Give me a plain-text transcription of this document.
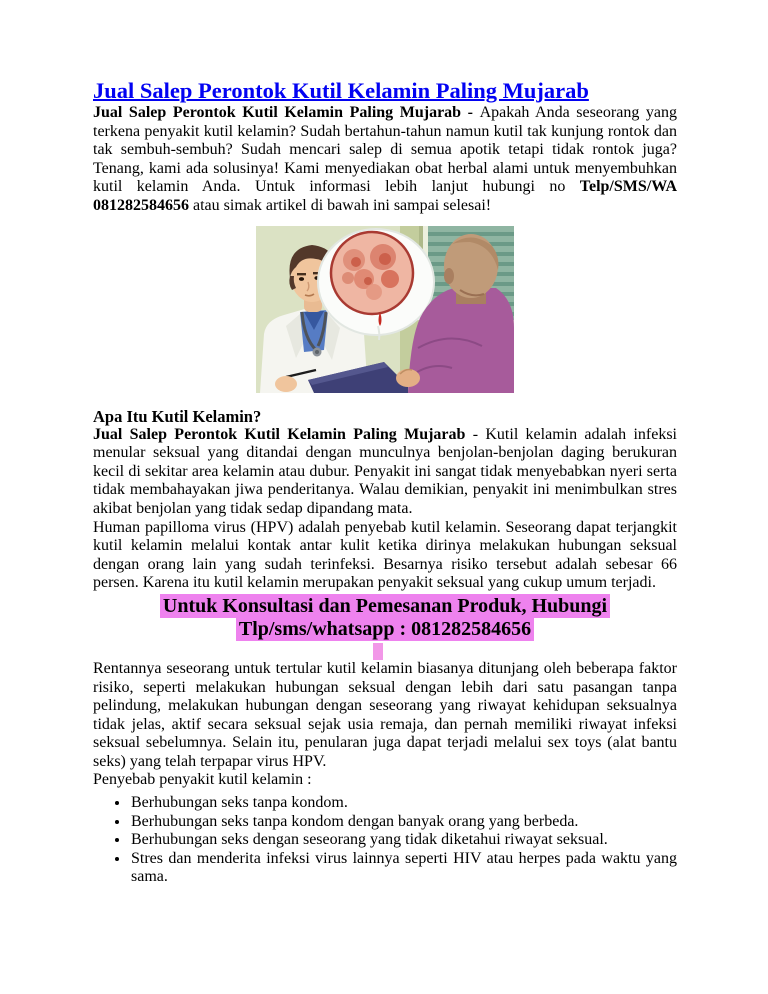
Jual Salep Perontok Kutil Kelamin Paling Mujarab

Jual Salep Perontok Kutil Kelamin Paling Mujarab - Apakah Anda seseorang yang terkena penyakit kutil kelamin? Sudah bertahun-tahun namun kutil tak kunjung rontok dan tak sembuh-sembuh? Sudah mencari salep di semua apotik tetapi tidak rontok juga? Tenang, kami ada solusinya! Kami menyediakan obat herbal alami untuk menyembuhkan kutil kelamin Anda. Untuk informasi lebih lanjut hubungi no Telp/SMS/WA 081282584656 atau simak artikel di bawah ini sampai selesai!

Apa Itu Kutil Kelamin?

Jual Salep Perontok Kutil Kelamin Paling Mujarab - Kutil kelamin adalah infeksi menular seksual yang ditandai dengan munculnya benjolan-benjolan daging berukuran kecil di sekitar area kelamin atau dubur. Penyakit ini sangat tidak menyebabkan nyeri serta tidak membahayakan jiwa penderitanya. Walau demikian, penyakit ini menimbulkan stres akibat benjolan yang tidak sedap dipandang mata.

Human papilloma virus (HPV) adalah penyebab kutil kelamin. Seseorang dapat terjangkit kutil kelamin melalui kontak antar kulit ketika dirinya melakukan hubungan seksual dengan orang lain yang sudah terinfeksi. Besarnya risiko tersebut adalah sebesar 66 persen. Karena itu kutil kelamin merupakan penyakit seksual yang cukup umum terjadi.

Untuk Konsultasi dan Pemesanan Produk, Hubungi
Tlp/sms/whatsapp : 081282584656

Rentannya seseorang untuk tertular kutil kelamin biasanya ditunjang oleh beberapa faktor risiko, seperti melakukan hubungan seksual dengan lebih dari satu pasangan tanpa pelindung, melakukan hubungan dengan seseorang yang riwayat kehidupan seksualnya tidak jelas, aktif secara seksual sejak usia remaja, dan pernah memiliki riwayat infeksi seksual sebelumnya. Selain itu, penularan juga dapat terjadi melalui sex toys (alat bantu seks) yang telah terpapar virus HPV.

Penyebab penyakit kutil kelamin :

• Berhubungan seks tanpa kondom.
• Berhubungan seks tanpa kondom dengan banyak orang yang berbeda.
• Berhubungan seks dengan seseorang yang tidak diketahui riwayat seksual.
• Stres dan menderita infeksi virus lainnya seperti HIV atau herpes pada waktu yang sama.
